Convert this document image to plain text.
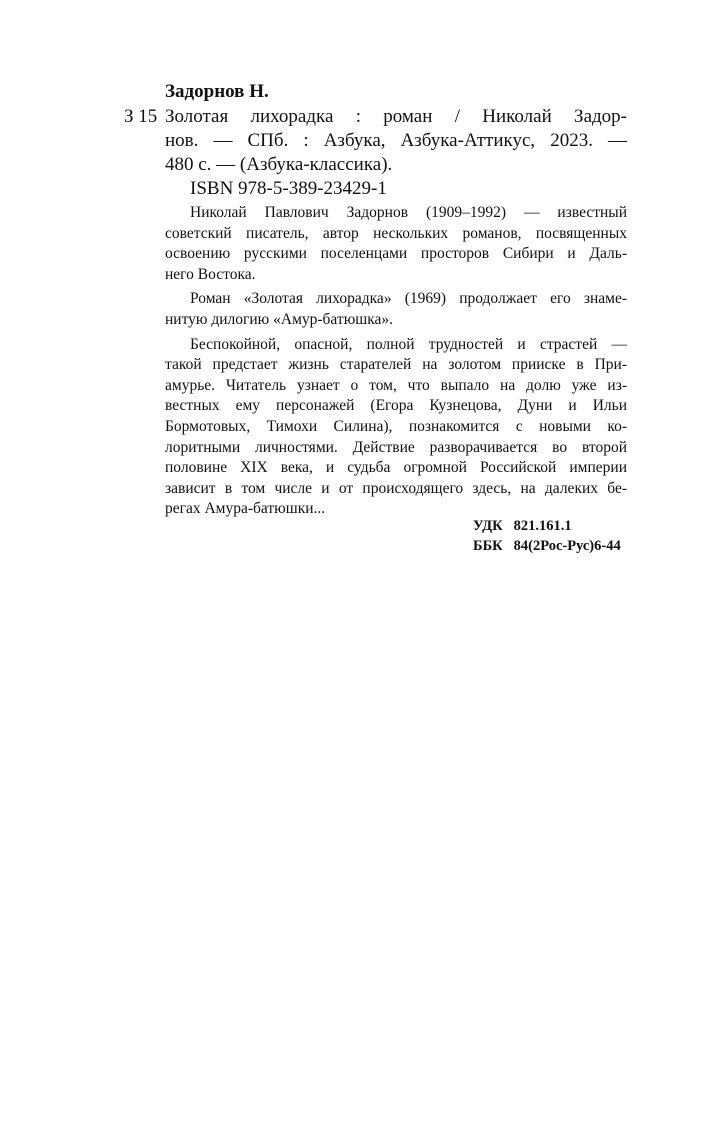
Задорнов Н.
З 15 Золотая лихорадка : роман / Николай Задор-
нов. — СПб. : Азбука, Азбука-Аттикус, 2023. —
480 с. — (Азбука-классика).
ISBN 978-5-389-23429-1
Николай Павлович Задорнов (1909–1992) — известный
советский писатель, автор нескольких романов, посвященных
освоению русскими поселенцами просторов Сибири и Даль-
него Востока.
Роман «Золотая лихорадка» (1969) продолжает его знаме-
нитую дилогию «Амур-батюшка».
Беспокойной, опасной, полной трудностей и страстей —
такой предстает жизнь старателей на золотом прииске в При-
амурье. Читатель узнает о том, что выпало на долю уже из-
вестных ему персонажей (Егора Кузнецова, Дуни и Ильи
Бормотовых, Тимохи Силина), познакомится с новыми ко-
лоритными личностями. Действие разворачивается во второй
половине XIX века, и судьба огромной Российской империи
зависит в том числе и от происходящего здесь, на далеких бе-
регах Амура-батюшки...
УДК 821.161.1
ББК 84(2Рос-Рус)6-44
